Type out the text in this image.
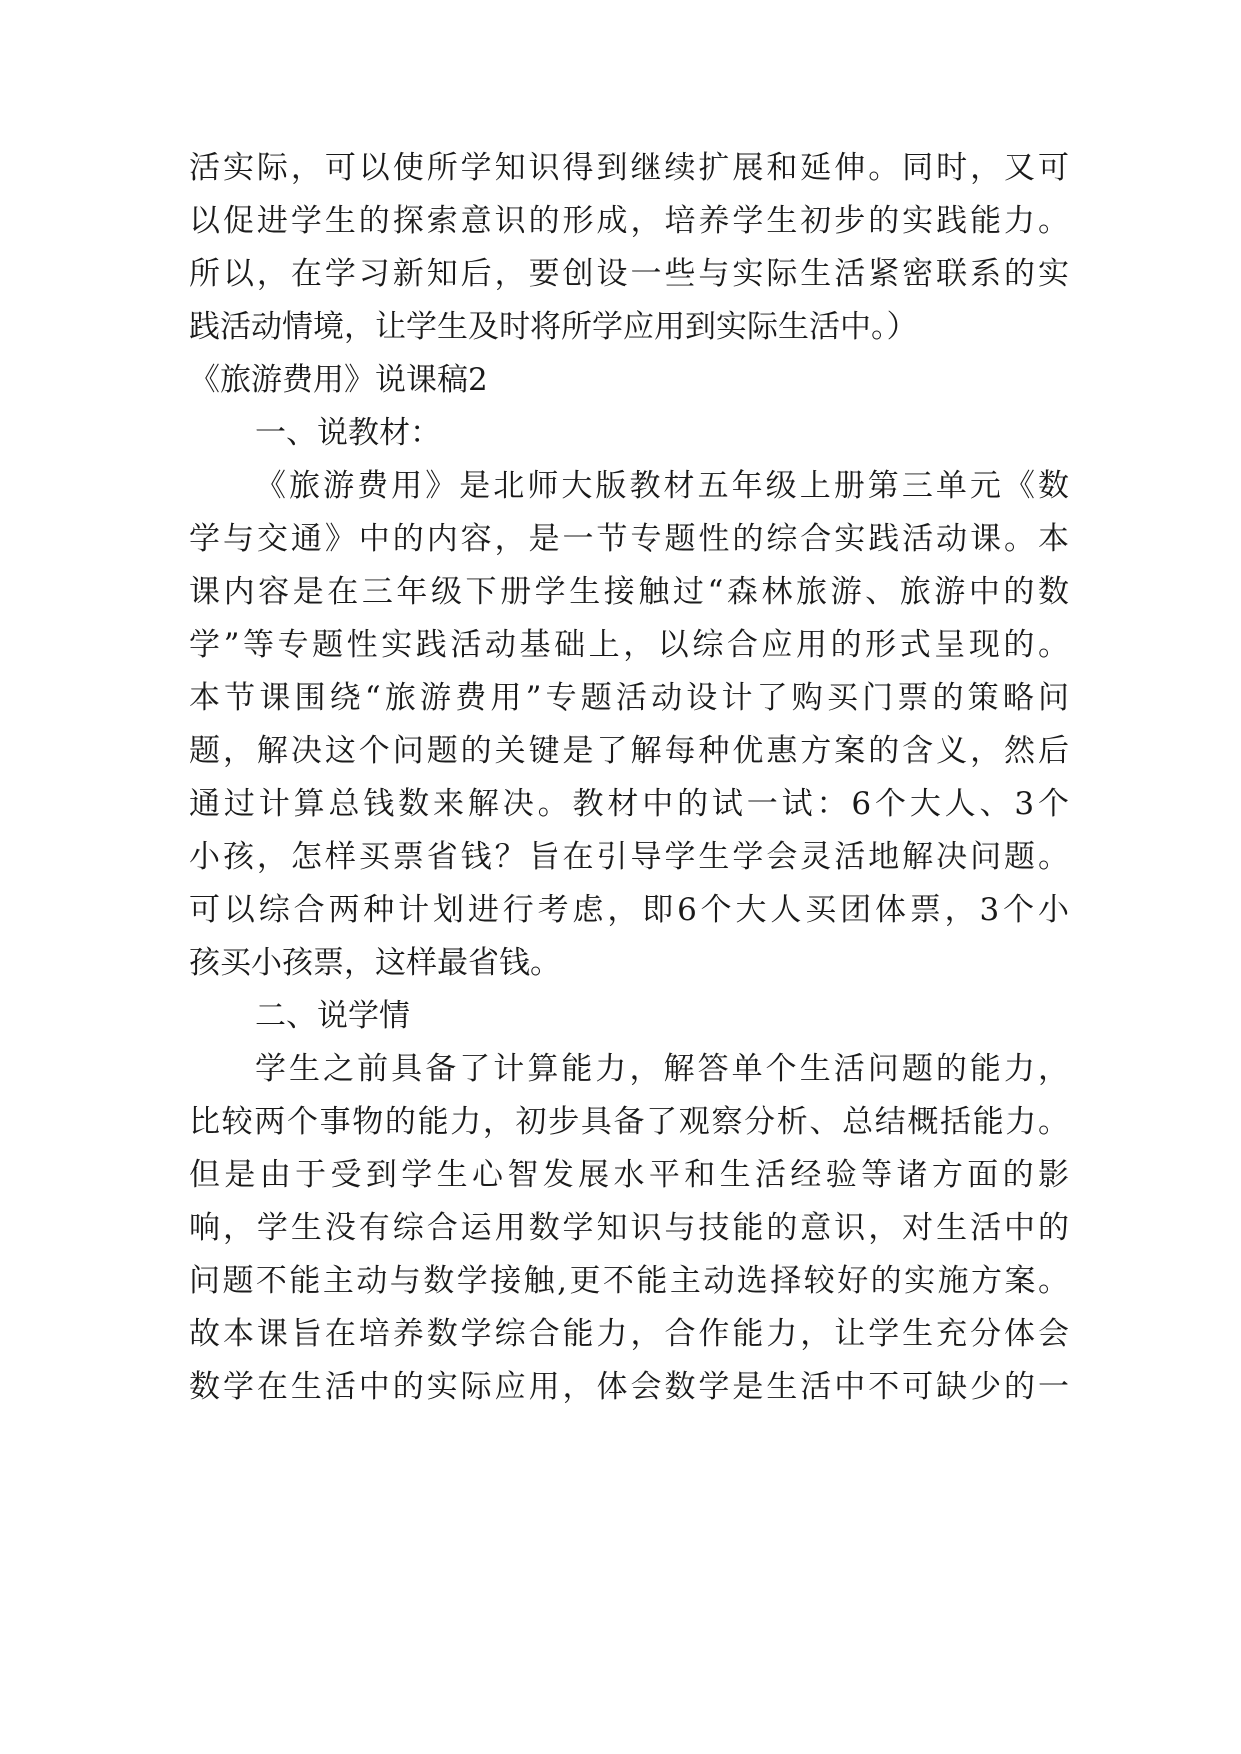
活实际，可以使所学知识得到继续扩展和延伸。同时，又可
以促进学生的探索意识的形成，培养学生初步的实践能力。
所以，在学习新知后，要创设一些与实际生活紧密联系的实
践活动情境，让学生及时将所学应用到实际生活中。）
《旅游费用》说课稿2
一、说教材：
《旅游费用》是北师大版教材五年级上册第三单元《数
学与交通》中的内容，是一节专题性的综合实践活动课。本
课内容是在三年级下册学生接触过“森林旅游、旅游中的数
学”等专题性实践活动基础上，以综合应用的形式呈现的。
本节课围绕“旅游费用”专题活动设计了购买门票的策略问
题，解决这个问题的关键是了解每种优惠方案的含义，然后
通过计算总钱数来解决。教材中的试一试：6个大人、3个
小孩，怎样买票省钱？旨在引导学生学会灵活地解决问题。
可以综合两种计划进行考虑，即6个大人买团体票，3个小
孩买小孩票，这样最省钱。
二、说学情
学生之前具备了计算能力，解答单个生活问题的能力，
比较两个事物的能力，初步具备了观察分析、总结概括能力。
但是由于受到学生心智发展水平和生活经验等诸方面的影
响，学生没有综合运用数学知识与技能的意识，对生活中的
问题不能主动与数学接触,更不能主动选择较好的实施方案。
故本课旨在培养数学综合能力，合作能力，让学生充分体会
数学在生活中的实际应用，体会数学是生活中不可缺少的一
